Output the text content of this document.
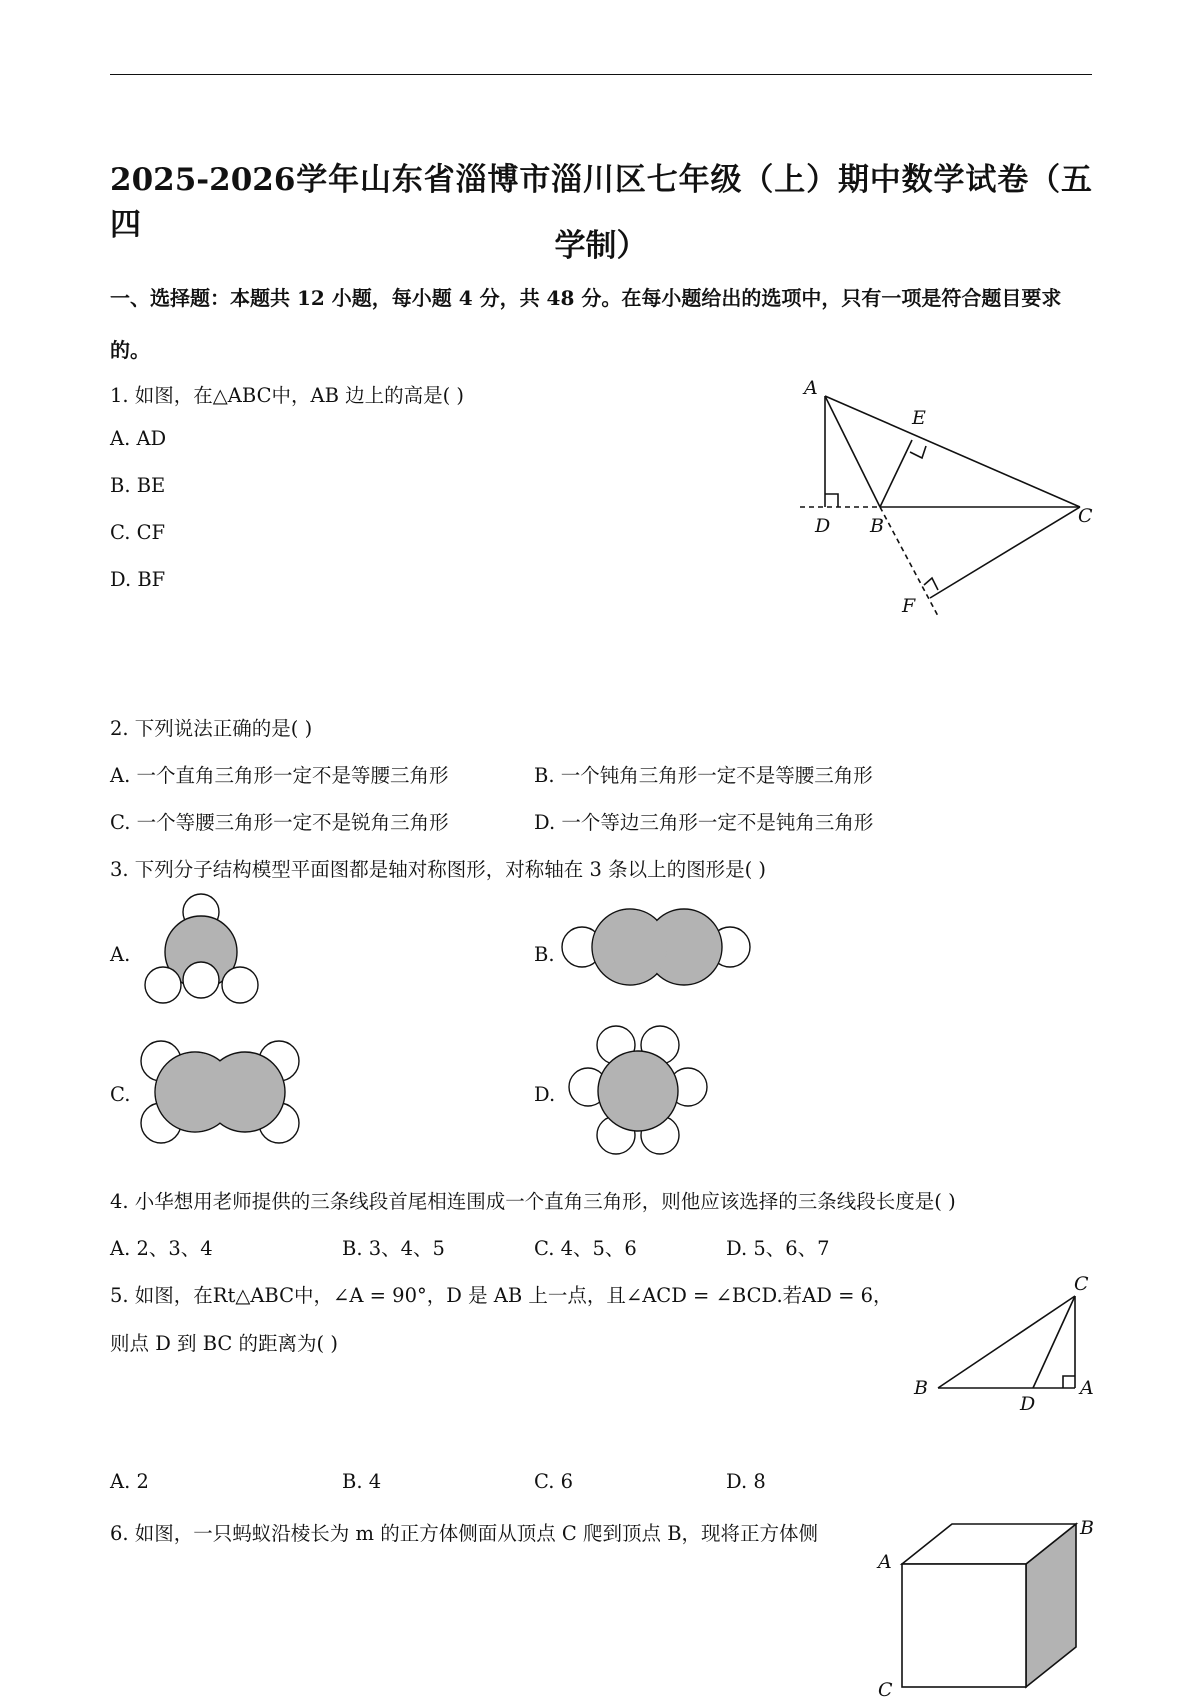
2025-2026学年山东省淄博市淄川区七年级（上）期中数学试卷（五四
学制）
一、选择题：本题共 12 小题，每小题 4 分，共 48 分。在每小题给出的选项中，只有一项是符合题目要求
的。
1. 如图，在△ABC中，AB 边上的高是( )
A. AD
B. BE
C. CF
D. BF
A
E
D B	C
F
2. 下列说法正确的是( )
A. 一个直角三角形一定不是等腰三角形	B. 一个钝角三角形一定不是等腰三角形
C. 一个等腰三角形一定不是锐角三角形	D. 一个等边三角形一定不是钝角三角形
3. 下列分子结构模型平面图都是轴对称图形，对称轴在 3 条以上的图形是( )
A.	B.
C.	D.
4. 小华想用老师提供的三条线段首尾相连围成一个直角三角形，则他应该选择的三条线段长度是( )
A. 2、3、4	B. 3、4、5	C. 4、5、6	D. 5、6、7
5. 如图，在Rt△ABC中，∠A = 90°，D 是 AB 上一点，且∠ACD = ∠BCD.若AD = 6，
则点 D 到 BC 的距离为( )
C
B
D
A
A. 2	B. 4	C. 6	D. 8
6. 如图，一只蚂蚁沿棱长为 m 的正方体侧面从顶点 C 爬到顶点 B，现将正方体侧
A
B
C
